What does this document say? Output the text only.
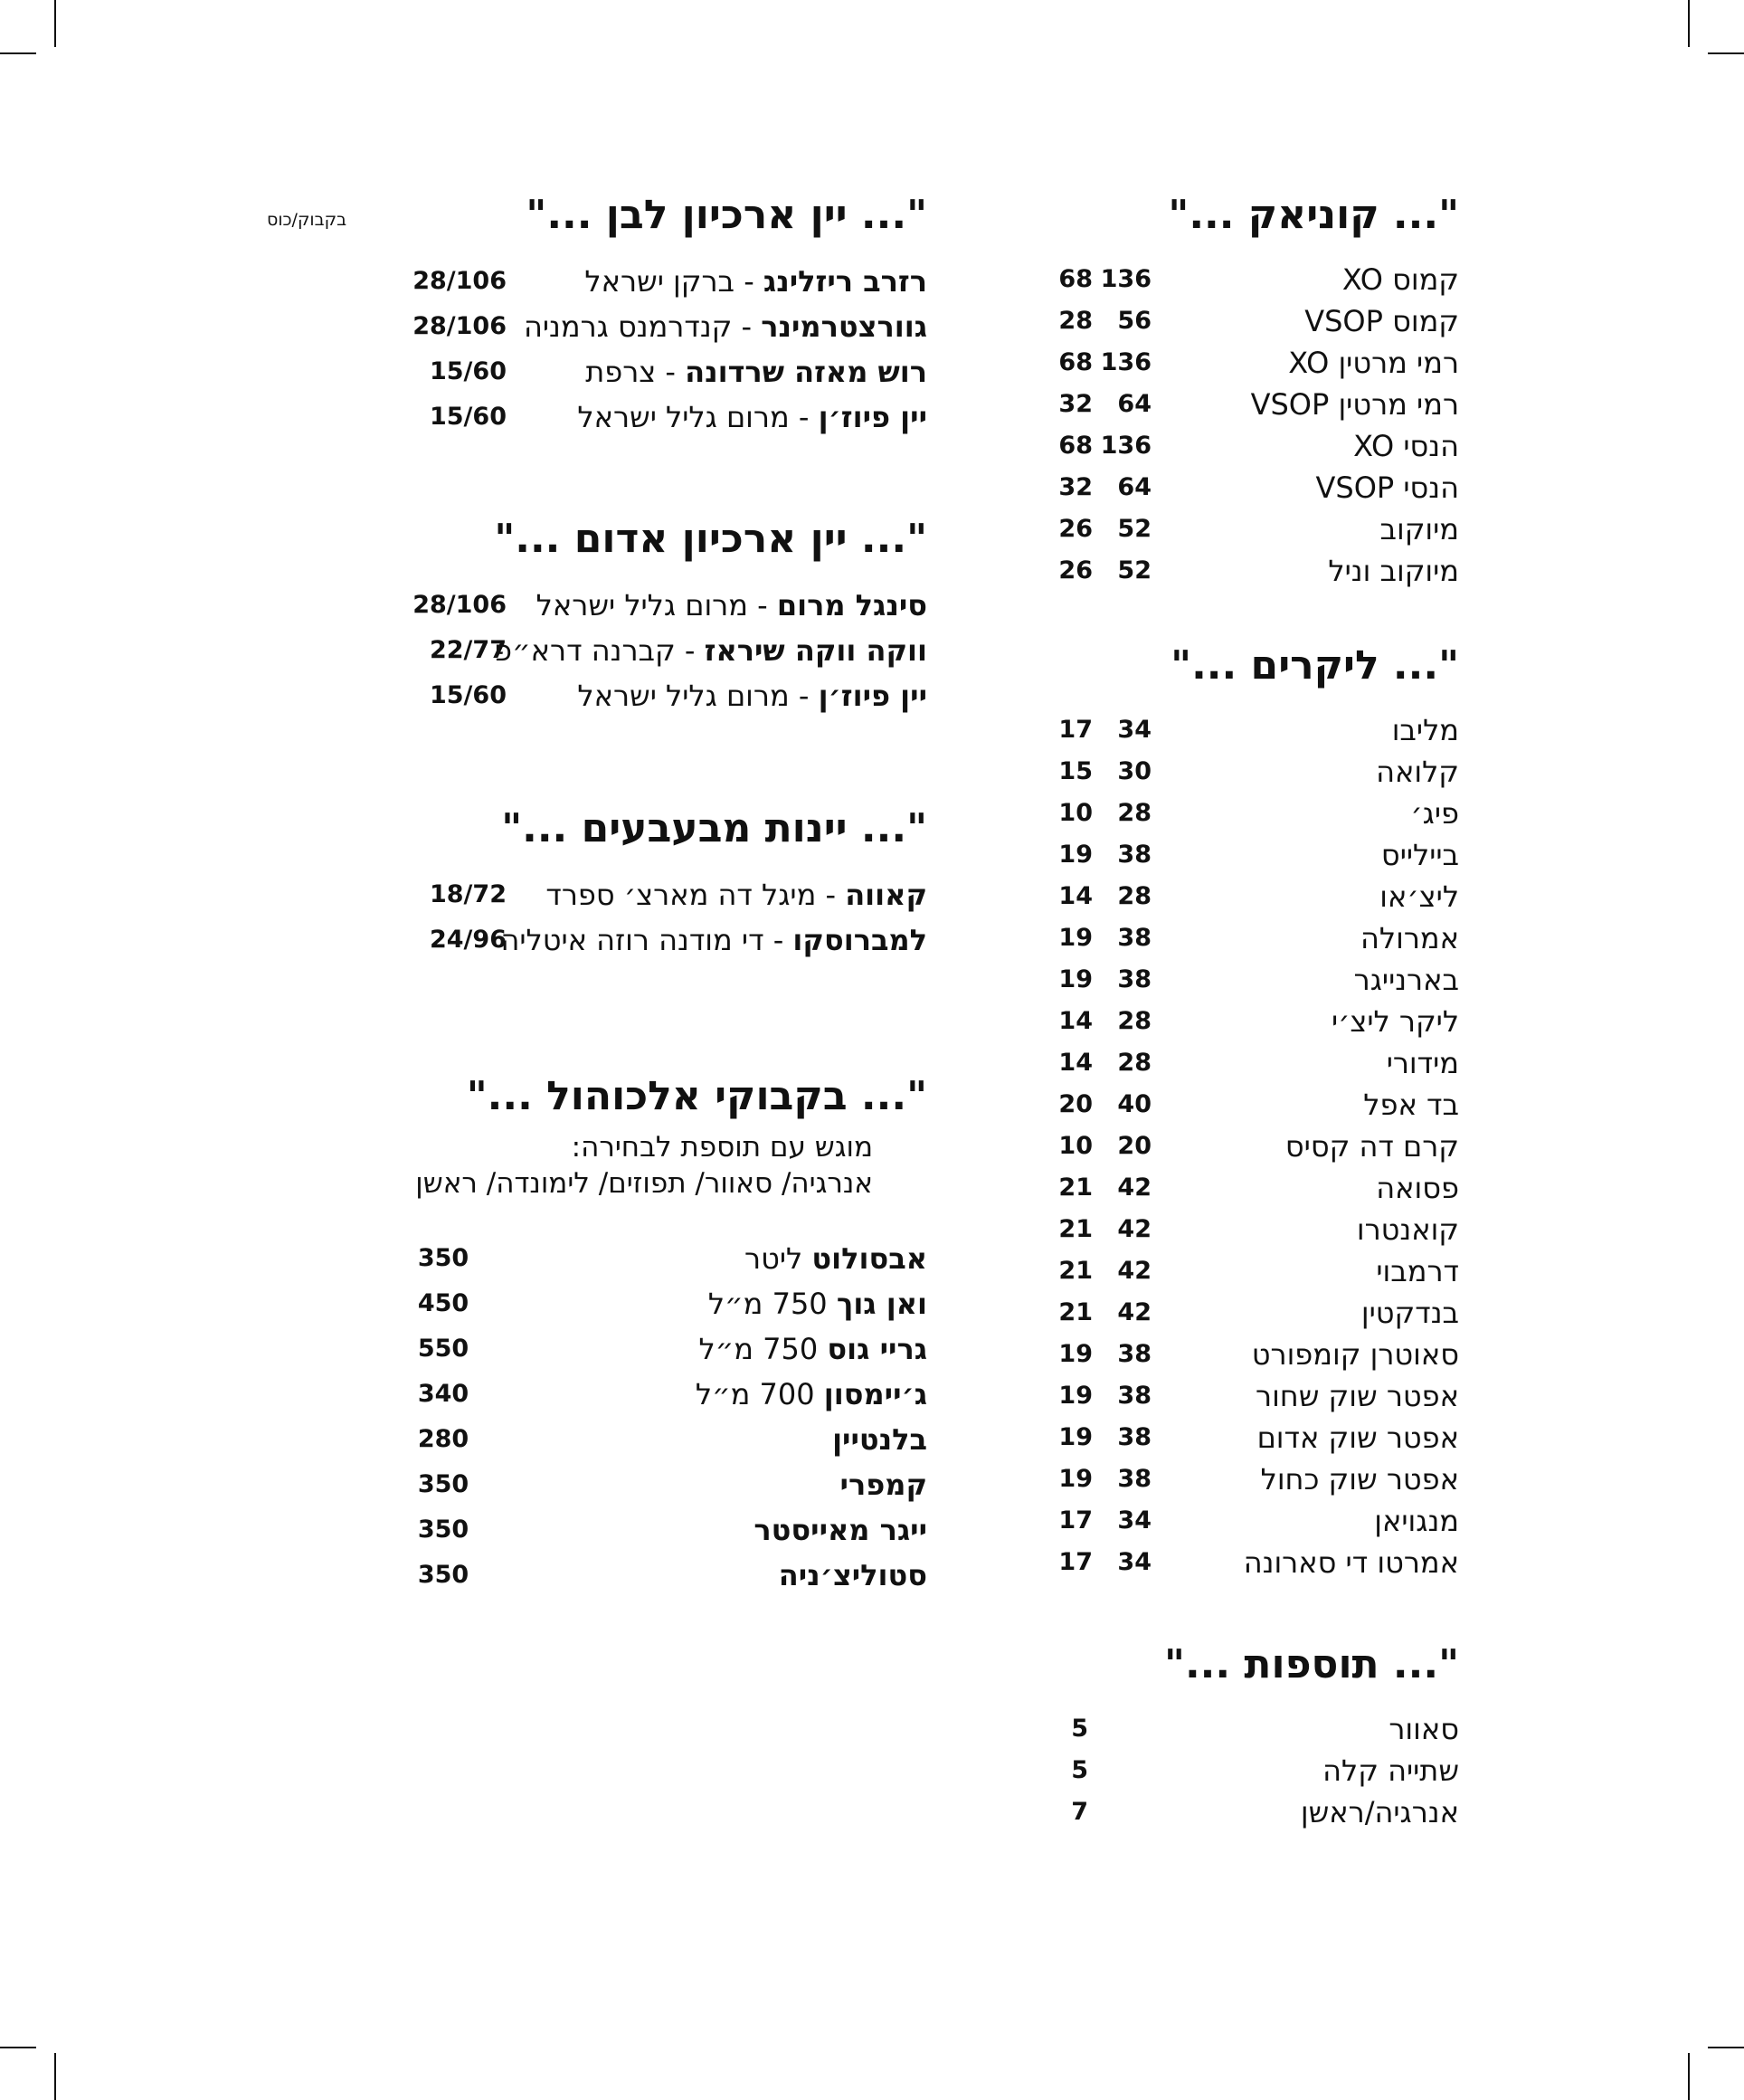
"... קוניאק ..."
קמוס XO
136
68
קמוס VSOP
56
28
רמי מרטין XO
136
68
רמי מרטין VSOP
64
32
הנסי XO
136
68
הנסי VSOP
64
32
מיוקוב
52
26
מיוקוב וניל
52
26
"... ליקרים ..."
מליבו
34
17
קלואה
30
15
פיג׳
28
10
ביילייס
38
19
ליצ׳או
28
14
אמרולה
38
19
בארנייגר
38
19
ליקר ליצ׳י
28
14
מידורי
28
14
בד אפל
40
20
קרם דה קסיס
20
10
פסואה
42
21
קואנטרו
42
21
דרמבוי
42
21
בנדקטין
42
21
סאוטרן קומפורט
38
19
אפטר שוק שחור
38
19
אפטר שוק אדום
38
19
אפטר שוק כחול
38
19
מנגויאן
34
17
אמרטו די סארונה
34
17
"... תוספות ..."
סאוור
5
שתייה קלה
5
אנרגיה/ראשן
7
"... יין ארכיון לבן ..."
בקבוק/כוס
רזרב ריזלינג - ברקן ישראל
28/106
גוורצטרמינר - קנדרמנס גרמניה
28/106
רוש מאזה שרדונה - צרפת
15/60
יין פיוז׳ן - מרום גליל ישראל
15/60
"... יין ארכיון אדום ..."
סינגל מרום - מרום גליל ישראל
28/106
ווקה ווקה שיראז - קברנה דרא״פ
22/77
יין פיוז׳ן - מרום גליל ישראל
15/60
"... יינות מבעבעים ..."
קאווה - מיגל דה מארצ׳ ספרד
18/72
למברוסקו - די מודנה רוזה איטליה
24/96
"... בקבוקי אלכוהול ..."
מוגש עם תוספת לבחירה:
אנרגיה/ סאוור/ תפוזים/ לימונדה/ ראשן
אבסולוט ליטר
350
ואן גוך 750 מ״ל
450
גריי גוס 750 מ״ל
550
ג׳יימסון 700 מ״ל
340
בלנטיין
280
קמפרי
350
ייגר מאייסטר
350
סטוליצ׳ניה
350
